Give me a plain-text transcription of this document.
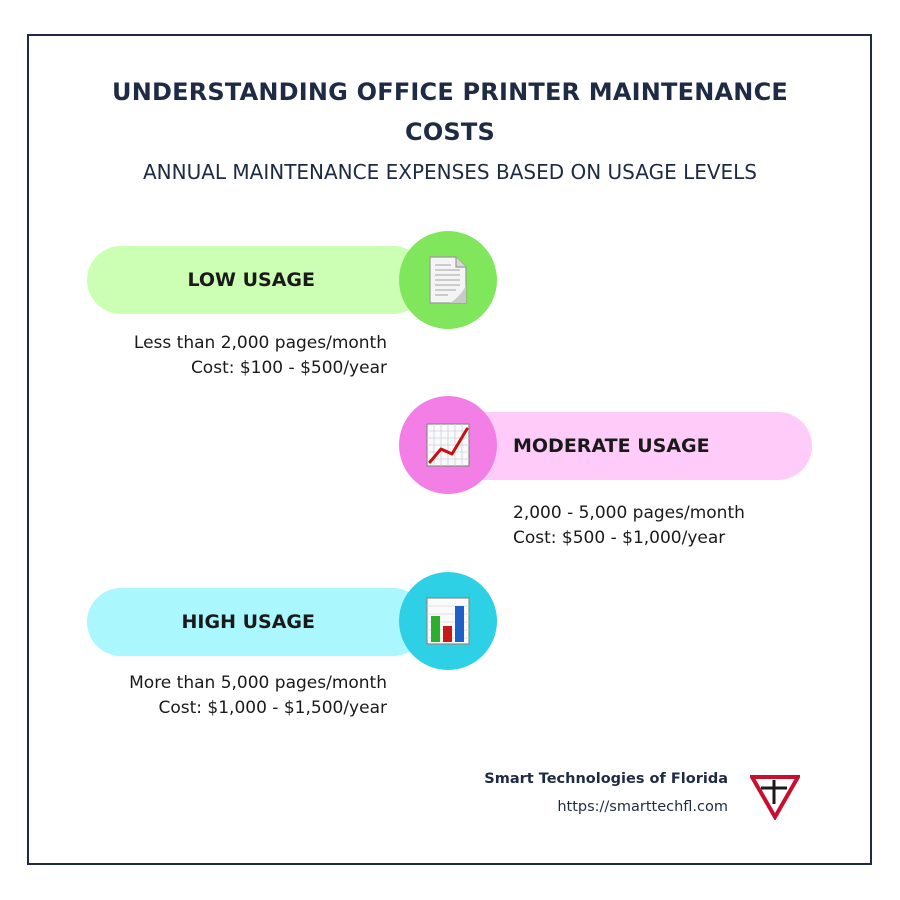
UNDERSTANDING OFFICE PRINTER MAINTENANCE COSTS
ANNUAL MAINTENANCE EXPENSES BASED ON USAGE LEVELS
LOW USAGE
Less than 2,000 pages/month
Cost: $100 - $500/year
MODERATE USAGE
2,000 - 5,000 pages/month
Cost: $500 - $1,000/year
HIGH USAGE
More than 5,000 pages/month
Cost: $1,000 - $1,500/year
Smart Technologies of Florida
https://smarttechfl.com
